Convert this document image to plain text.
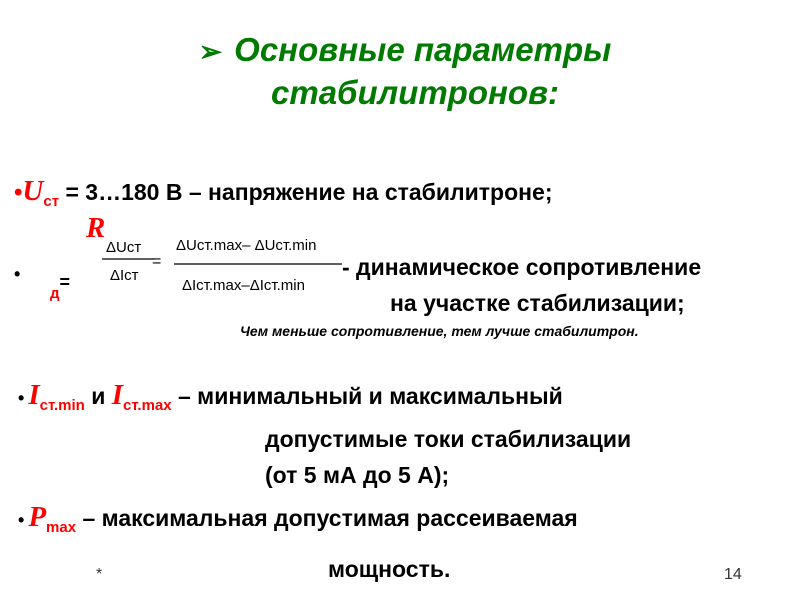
➢ Основные параметры
стабилитронов:
$•U_{ст}$ = 3…180 В – напряжение на стабилитроне;
•
R
$_д$=
ΔUст
ΔIст
=
ΔUст.max– ΔUст.min
ΔIст.max–ΔIст.min
- динамическое сопротивление
на участке стабилизации;
Чем меньше сопротивление, тем лучше стабилитрон.
• $I_{ст.min}$ и $I_{ст.max}$ – минимальный и максимальный
допустимые токи стабилизации
(от 5 мА до 5 А);
• $P_{max}$ – максимальная допустимая рассеиваемая
мощность.
*	14
